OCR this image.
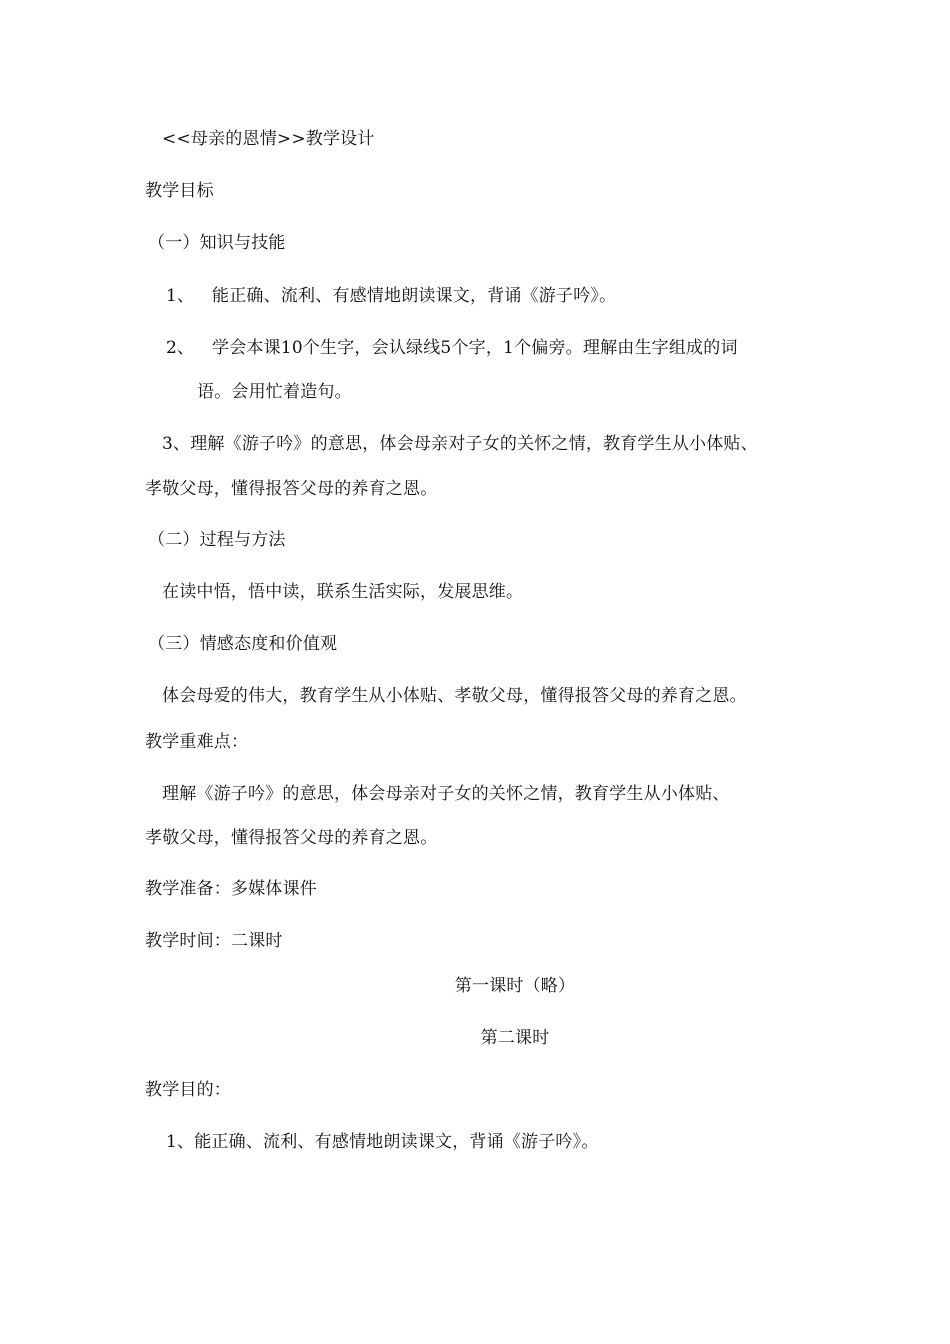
<<母亲的恩情>>教学设计
教学目标
（一）知识与技能
1、 能正确、流利、有感情地朗读课文，背诵《游子吟》。
2、 学会本课10个生字，会认绿线5个字，1个偏旁。理解由生字组成的词
语。会用忙着造句。
3、理解《游子吟》的意思，体会母亲对子女的关怀之情，教育学生从小体贴、
孝敬父母，懂得报答父母的养育之恩。
（二）过程与方法
在读中悟，悟中读，联系生活实际，发展思维。
（三）情感态度和价值观
体会母爱的伟大，教育学生从小体贴、孝敬父母，懂得报答父母的养育之恩。
教学重难点：
理解《游子吟》的意思，体会母亲对子女的关怀之情，教育学生从小体贴、
孝敬父母，懂得报答父母的养育之恩。
教学准备：多媒体课件
教学时间：二课时
第一课时（略）
第二课时
教学目的：
1、能正确、流利、有感情地朗读课文，背诵《游子吟》。
